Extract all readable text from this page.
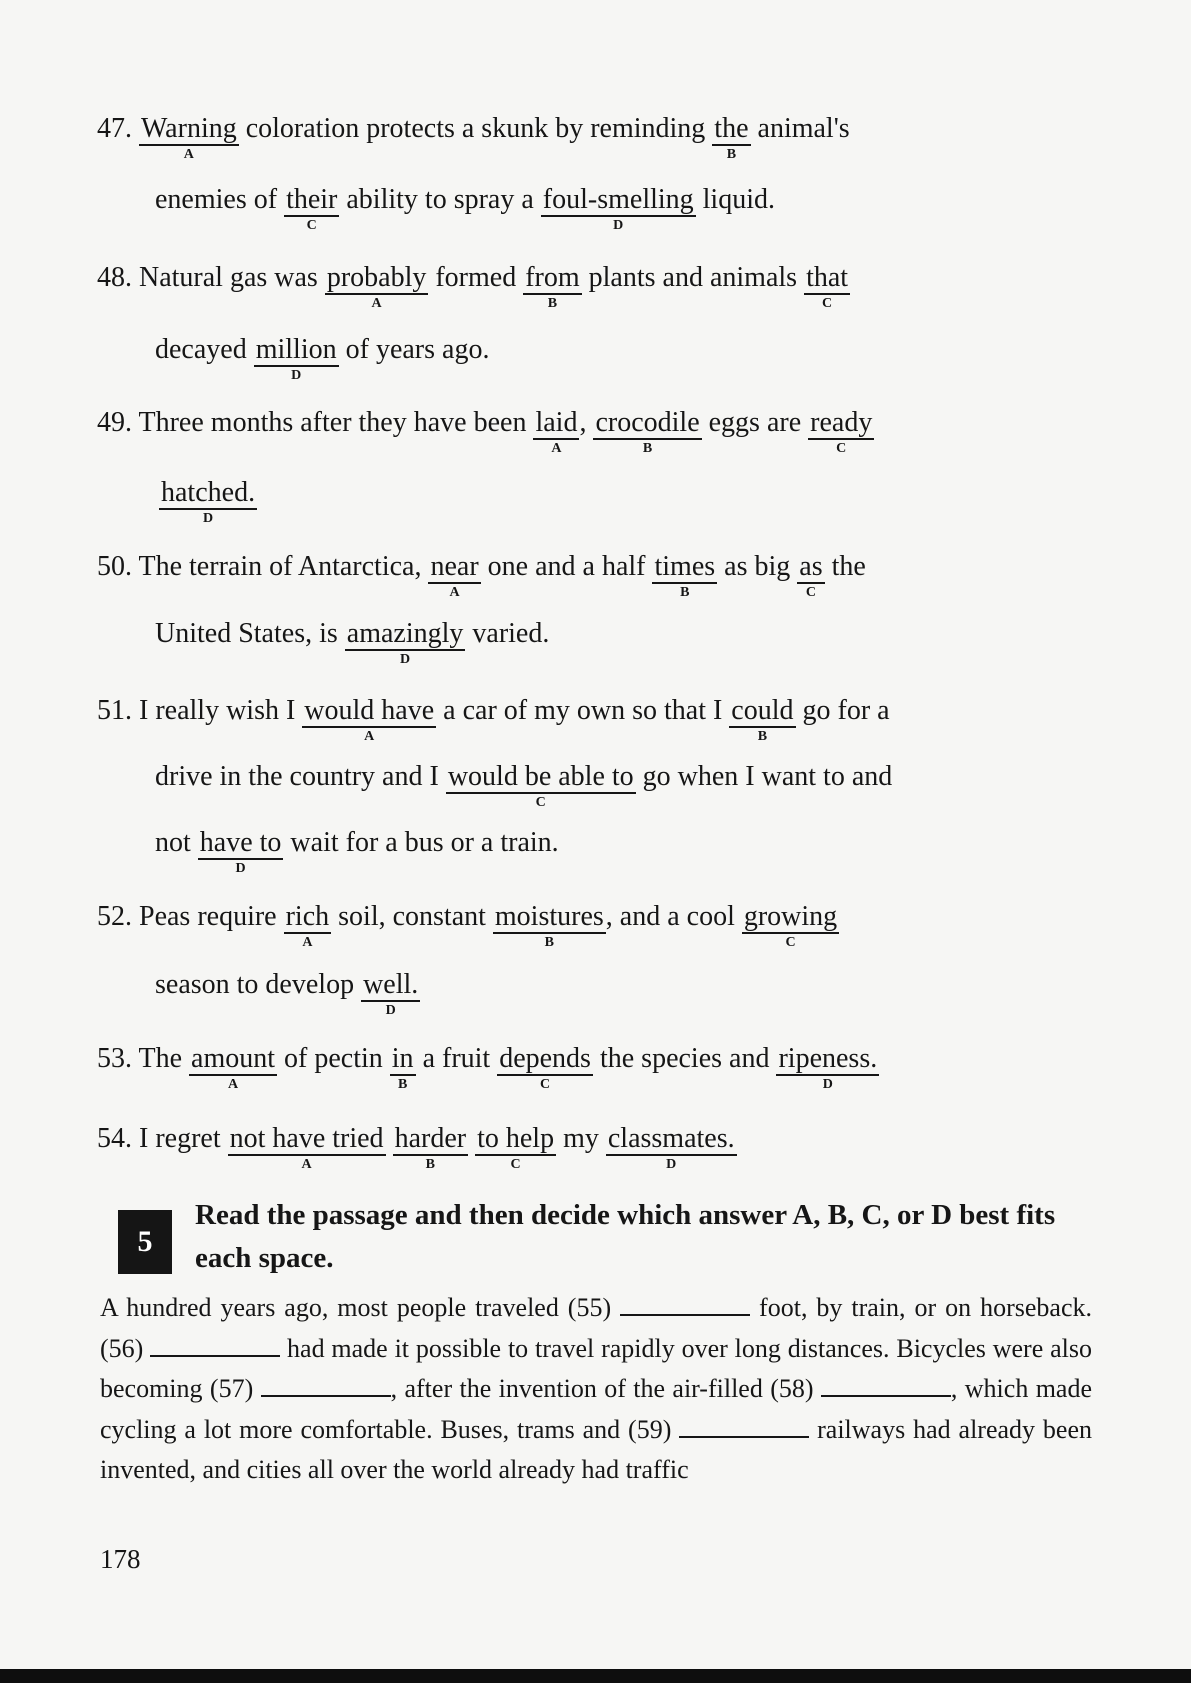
47. Warning
A
coloration protects a skunk by reminding the
B
animal's
enemies of their
C
ability to spray a foul-smelling
D
liquid.
48. Natural gas was probably
A
formed from
B
plants and animals that
C
decayed million
D
of years ago.
49. Three months after they have been laid
A
, crocodile
B
eggs are ready
C
hatched.
D
50. The terrain of Antarctica, near
A
one and a half times
B
as big as
C
the
United States, is amazingly
D
varied.
51. I really wish I would have
A
a car of my own so that I could
B
go for a
drive in the country and I would be able to
C
go when I want to and
not have to
D
wait for a bus or a train.
52. Peas require rich
A
soil, constant moistures
B
, and a cool growing
C
season to develop well.
D
53. The amount
A
of pectin in
B
a fruit depends
C
the species and ripeness.
D
54. I regret not have tried
A
harder
B
to help
C
my classmates.
D
5
Read the passage and then decide which answer A, B, C, or D best fits each space.
A hundred years ago, most people traveled (55)	foot, by train, or on horseback. (56)	had made it possible to travel rapidly over long distances. Bicycles were also becoming (57)	, after the invention of the air-filled (58)	, which made cycling a lot more comfortable. Buses, trams and (59)	railways had already been invented, and cities all over the world already had traffic
178
